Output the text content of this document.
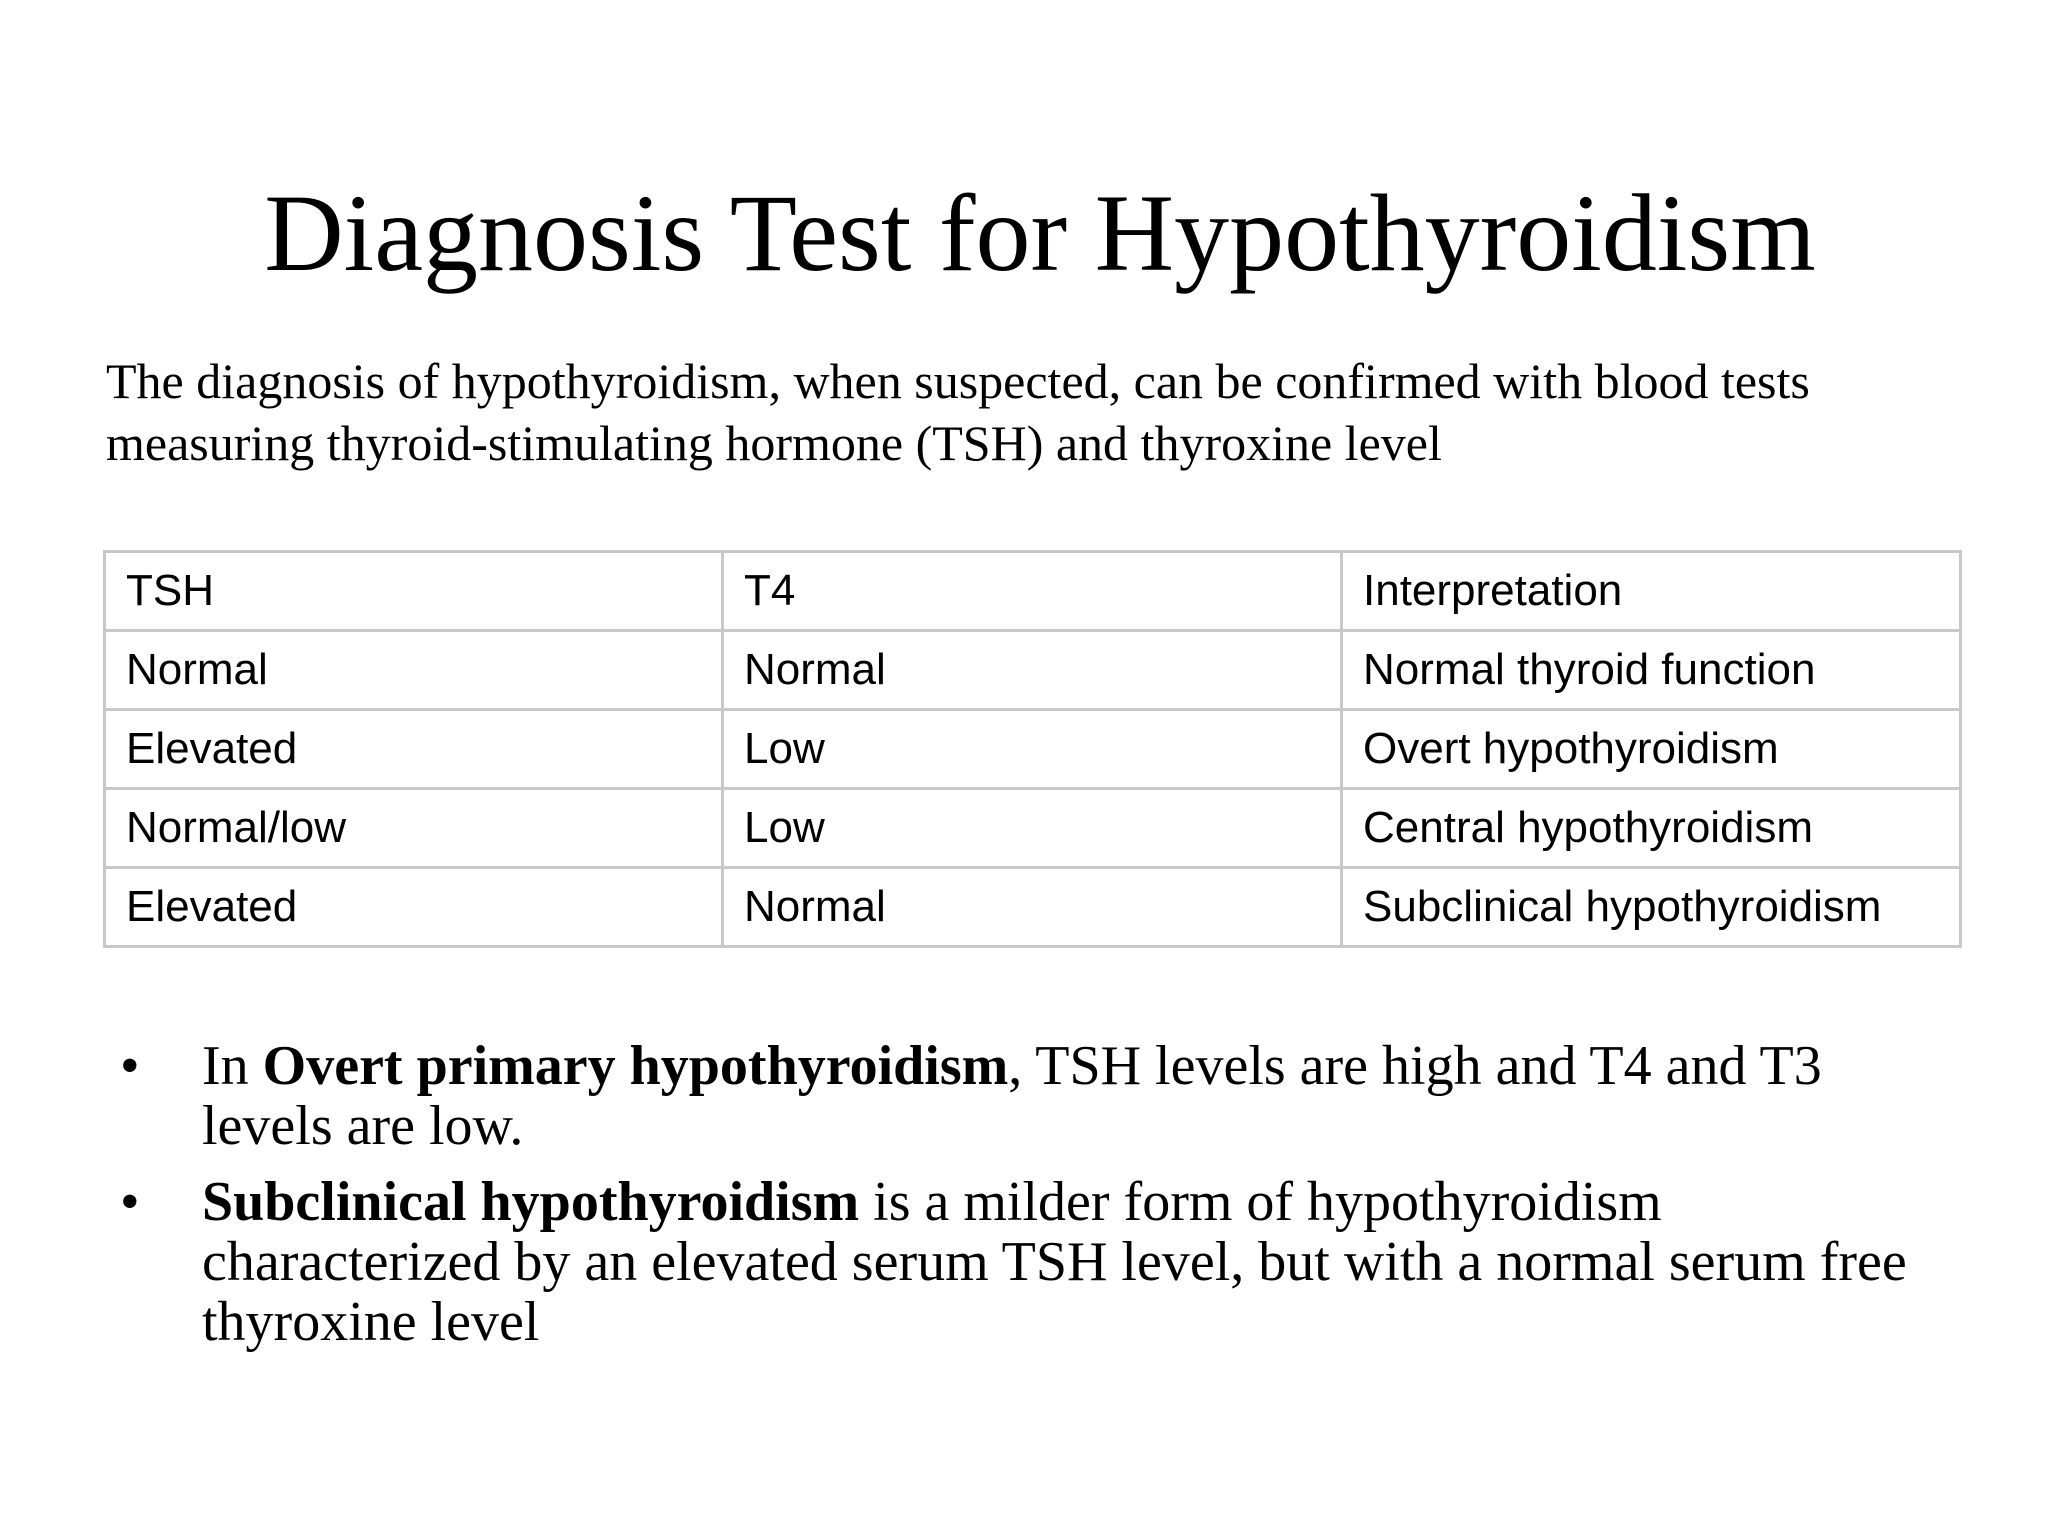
Diagnosis Test for Hypothyroidism

The diagnosis of hypothyroidism, when suspected, can be confirmed with blood tests measuring thyroid-stimulating hormone (TSH) and thyroxine level

TSH	T4	Interpretation
Normal	Normal	Normal thyroid function
Elevated	Low	Overt hypothyroidism
Normal/low	Low	Central hypothyroidism
Elevated	Normal	Subclinical hypothyroidism
•	In Overt primary hypothyroidism, TSH levels are high and T4 and T3 levels are low.
•	Subclinical hypothyroidism is a milder form of hypothyroidism characterized by an elevated serum TSH level, but with a normal serum free thyroxine level
